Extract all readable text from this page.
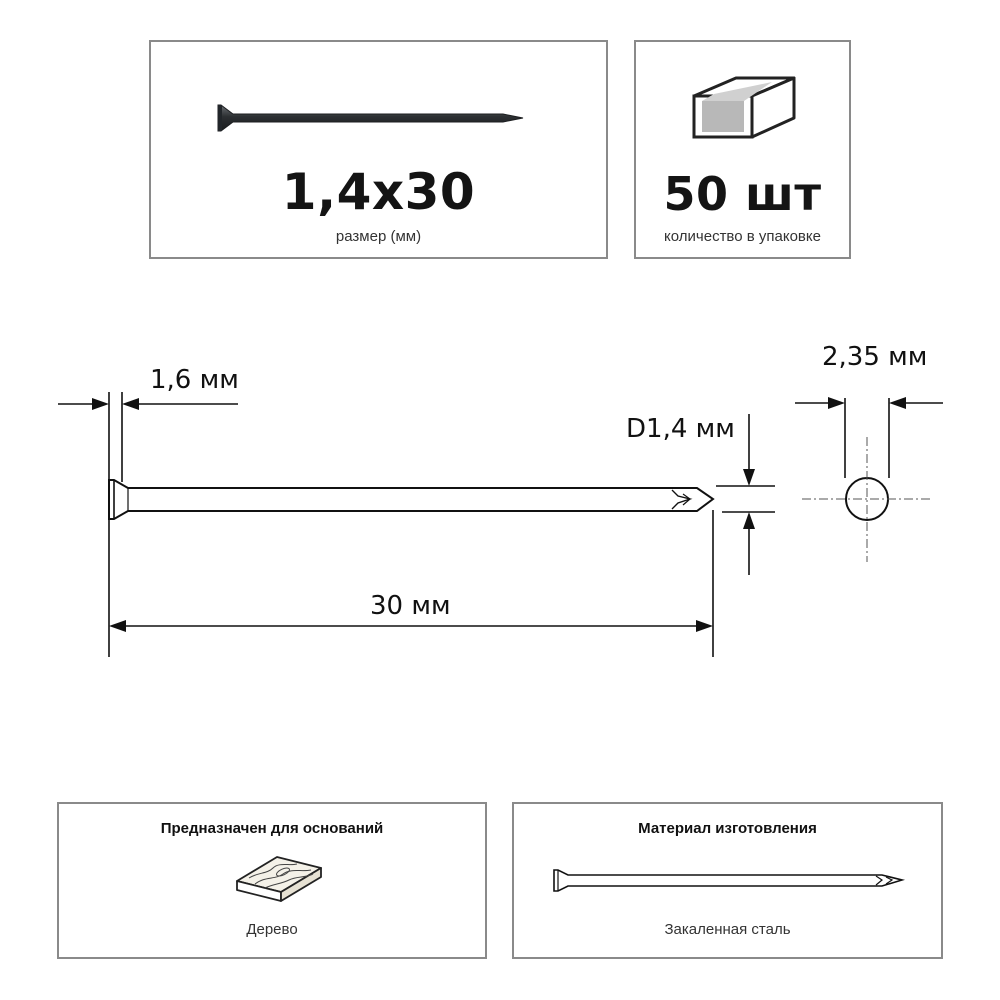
1,4x30
размер (мм)
50 шт
количество в упаковке
1,6 мм
2,35 мм
D1,4 мм
30 мм
Предназначен для оснований
Дерево
Материал изготовления
Закаленная сталь
